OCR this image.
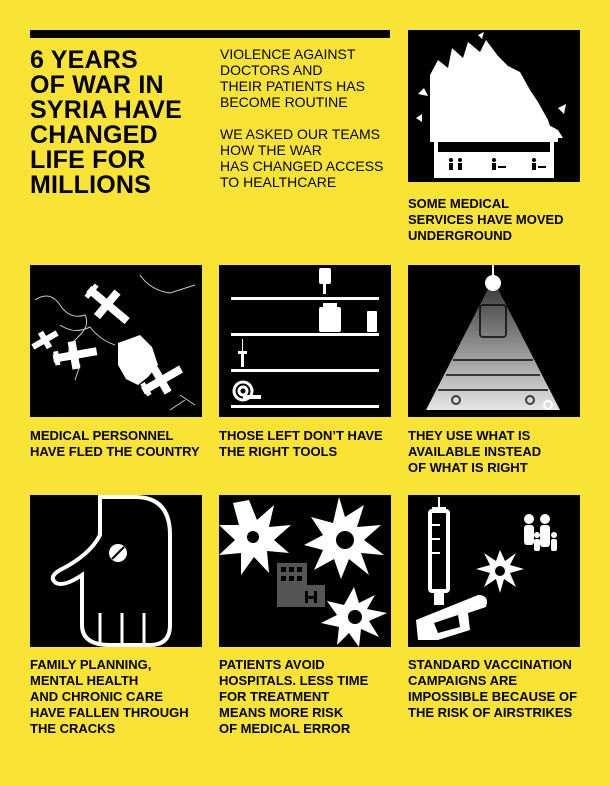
6 YEARS
OF WAR IN
SYRIA HAVE
CHANGED
LIFE FOR
MILLIONS
VIOLENCE AGAINST
DOCTORS AND
THEIR PATIENTS HAS
BECOME ROUTINE

WE ASKED OUR TEAMS
HOW THE WAR
HAS CHANGED ACCESS
TO HEALTHCARE
SOME MEDICAL
SERVICES HAVE MOVED
UNDERGROUND
MEDICAL PERSONNEL
HAVE FLED THE COUNTRY
THOSE LEFT DON’T HAVE
THE RIGHT TOOLS
THEY USE WHAT IS
AVAILABLE INSTEAD
OF WHAT IS RIGHT
FAMILY PLANNING,
MENTAL HEALTH
AND CHRONIC CARE
HAVE FALLEN THROUGH
THE CRACKS
PATIENTS AVOID
HOSPITALS. LESS TIME
FOR TREATMENT
MEANS MORE RISK
OF MEDICAL ERROR
STANDARD VACCINATION
CAMPAIGNS ARE
IMPOSSIBLE BECAUSE OF
THE RISK OF AIRSTRIKES
